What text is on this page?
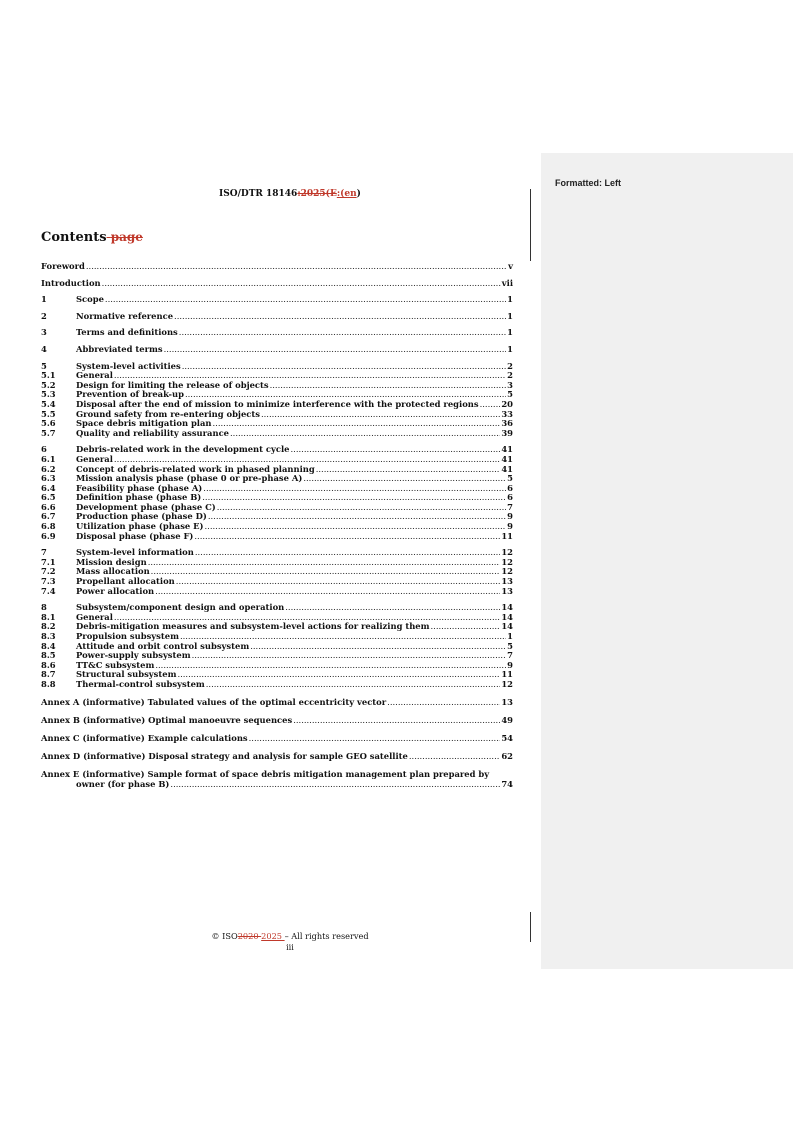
Formatted: Left
ISO/DTR 18146:2025(E:(en)
Contents page
Foreword .....	v
Introduction .....	vii
1	Scope .....	1
2	Normative reference .....	1
3	Terms and definitions .....	1
4	Abbreviated terms .....	1
5	System-level activities .....	2
5.1	General .....	2
5.2	Design for limiting the release of objects .....	3
5.3	Prevention of break-up .....	5
5.4	Disposal after the end of mission to minimize interference with the protected regions .....	20
5.5	Ground safety from re-entering objects .....	33
5.6	Space debris mitigation plan .....	36
5.7	Quality and reliability assurance .....	39
6	Debris-related work in the development cycle .....	41
6.1	General .....	41
6.2	Concept of debris-related work in phased planning .....	41
6.3	Mission analysis phase (phase 0 or pre-phase A) .....	5
6.4	Feasibility phase (phase A) .....	6
6.5	Definition phase (phase B) .....	6
6.6	Development phase (phase C) .....	7
6.7	Production phase (phase D) .....	9
6.8	Utilization phase (phase E) .....	9
6.9	Disposal phase (phase F) .....	11
7	System-level information .....	12
7.1	Mission design .....	12
7.2	Mass allocation .....	12
7.3	Propellant allocation .....	13
7.4	Power allocation .....	13
8	Subsystem/component design and operation .....	14
8.1	General .....	14
8.2	Debris-mitigation measures and subsystem-level actions for realizing them .....	14
8.3	Propulsion subsystem .....	1
8.4	Attitude and orbit control subsystem .....	5
8.5	Power-supply subsystem .....	7
8.6	TT&C subsystem .....	9
8.7	Structural subsystem .....	11
8.8	Thermal-control subsystem .....	12
Annex A (informative) Tabulated values of the optimal eccentricity vector .....	13
Annex B (informative) Optimal manoeuvre sequences .....	49
Annex C (informative) Example calculations .....	54
Annex D (informative) Disposal strategy and analysis for sample GEO satellite .....	62
Annex E (informative) Sample format of space debris mitigation management plan prepared by
owner (for phase B) .....	74
© ISO2020 2025 – All rights reserved
iii
